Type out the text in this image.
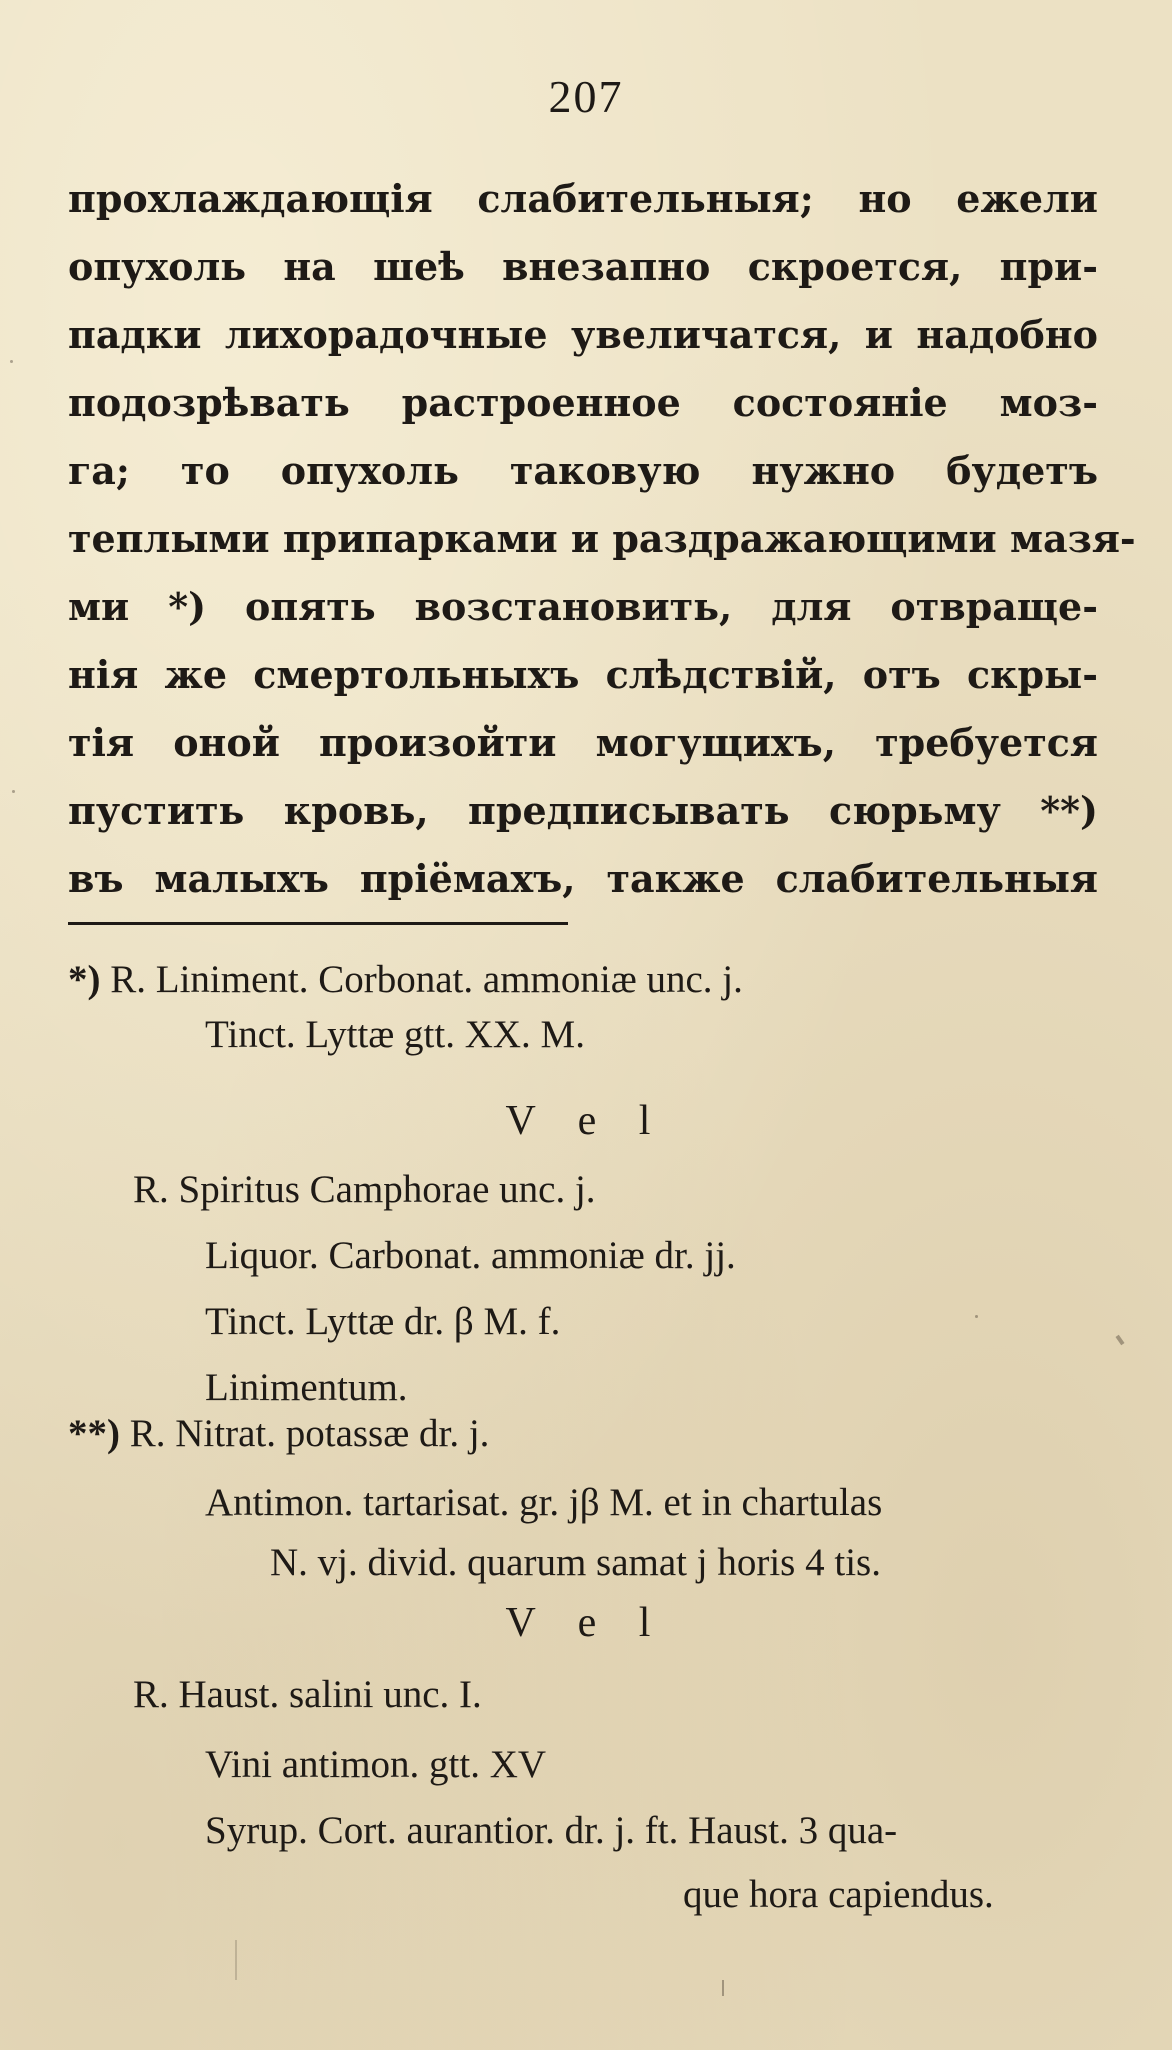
207
прохлаждающія слабительныя; но ежели
опухоль на шеѣ внезапно скроется, при-
падки лихорадочные увеличатся, и надобно
подозрѣвать растроенное состояніе моз-
га; то опухоль таковую нужно будетъ
теплыми припарками и раздражающими мазя-
ми *) опять возстановить, для отвраще-
нія же смертольныхъ слѣдствій, отъ скры-
тія оной произойти могущихъ, требуется
пустить кровь, предписывать сюрьму **)
въ малыхъ пріёмахъ, также слабительныя
*) R. Liniment. Corbonat. ammoniæ unc. j.
Tinct. Lyttæ gtt. XX. M.
V e l
R. Spiritus Camphorae unc. j.
Liquor. Carbonat. ammoniæ dr. jj.
Tinct. Lyttæ dr. β M. f.
Linimentum.
**) R. Nitrat. potassæ dr. j.
Antimon. tartarisat. gr. jβ M. et in chartulas
N. vj. divid. quarum samat j horis 4 tis.
V e l
R. Haust. salini unc. I.
Vini antimon. gtt. XV
Syrup. Cort. aurantior. dr. j. ft. Haust. 3 qua-
que hora capiendus.
